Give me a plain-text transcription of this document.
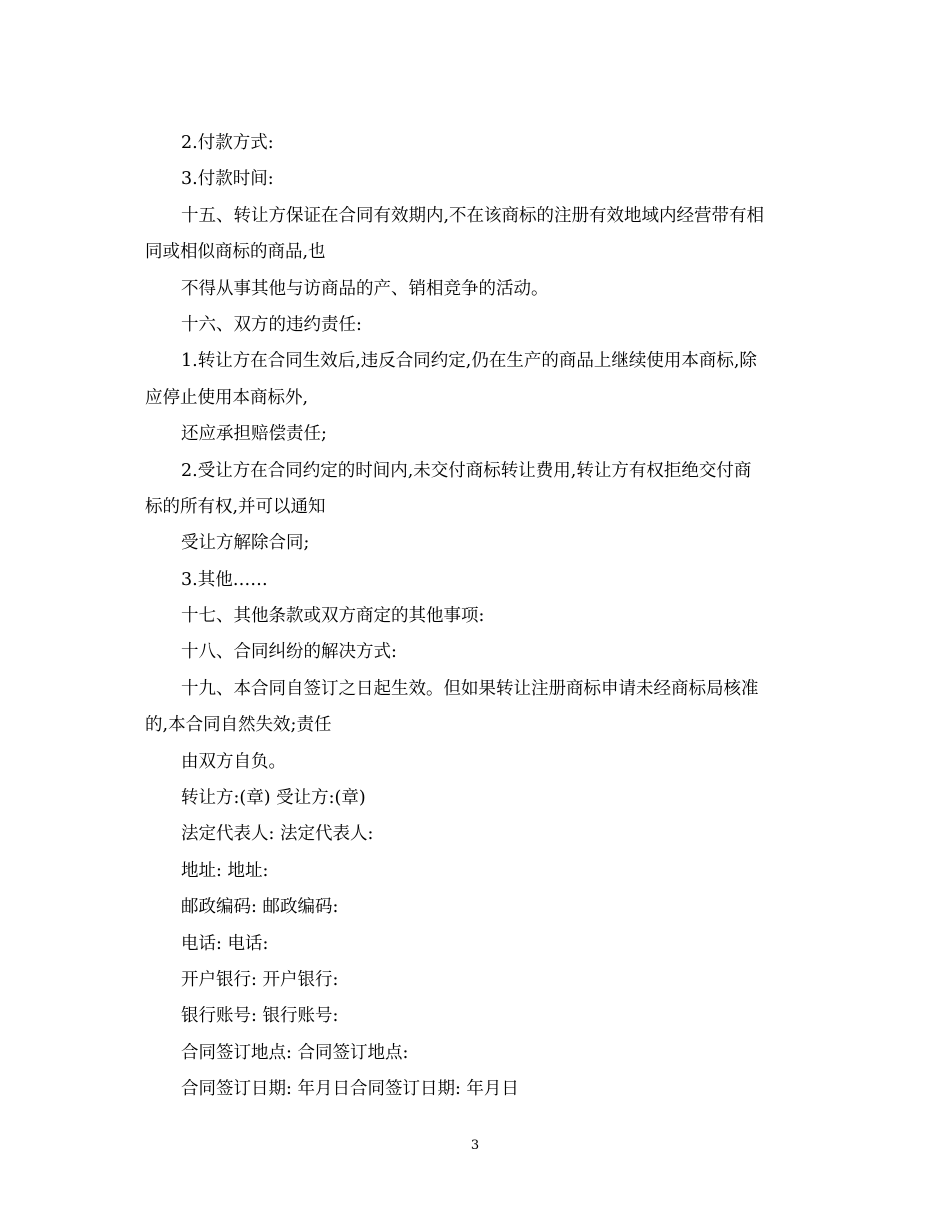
2.付款方式:
3.付款时间:
十五、转让方保证在合同有效期内,不在该商标的注册有效地域内经营带有相
同或相似商标的商品,也
不得从事其他与访商品的产、销相竞争的活动。
十六、双方的违约责任:
1.转让方在合同生效后,违反合同约定,仍在生产的商品上继续使用本商标,除
应停止使用本商标外,
还应承担赔偿责任;
2.受让方在合同约定的时间内,未交付商标转让费用,转让方有权拒绝交付商
标的所有权,并可以通知
受让方解除合同;
3.其他……
十七、其他条款或双方商定的其他事项:
十八、合同纠纷的解决方式:
十九、本合同自签订之日起生效。但如果转让注册商标申请未经商标局核准
的,本合同自然失效;责任
由双方自负。
转让方:(章) 受让方:(章)
法定代表人: 法定代表人:
地址: 地址:
邮政编码: 邮政编码:
电话: 电话:
开户银行: 开户银行:
银行账号: 银行账号:
合同签订地点: 合同签订地点:
合同签订日期: 年月日合同签订日期: 年月日
3
